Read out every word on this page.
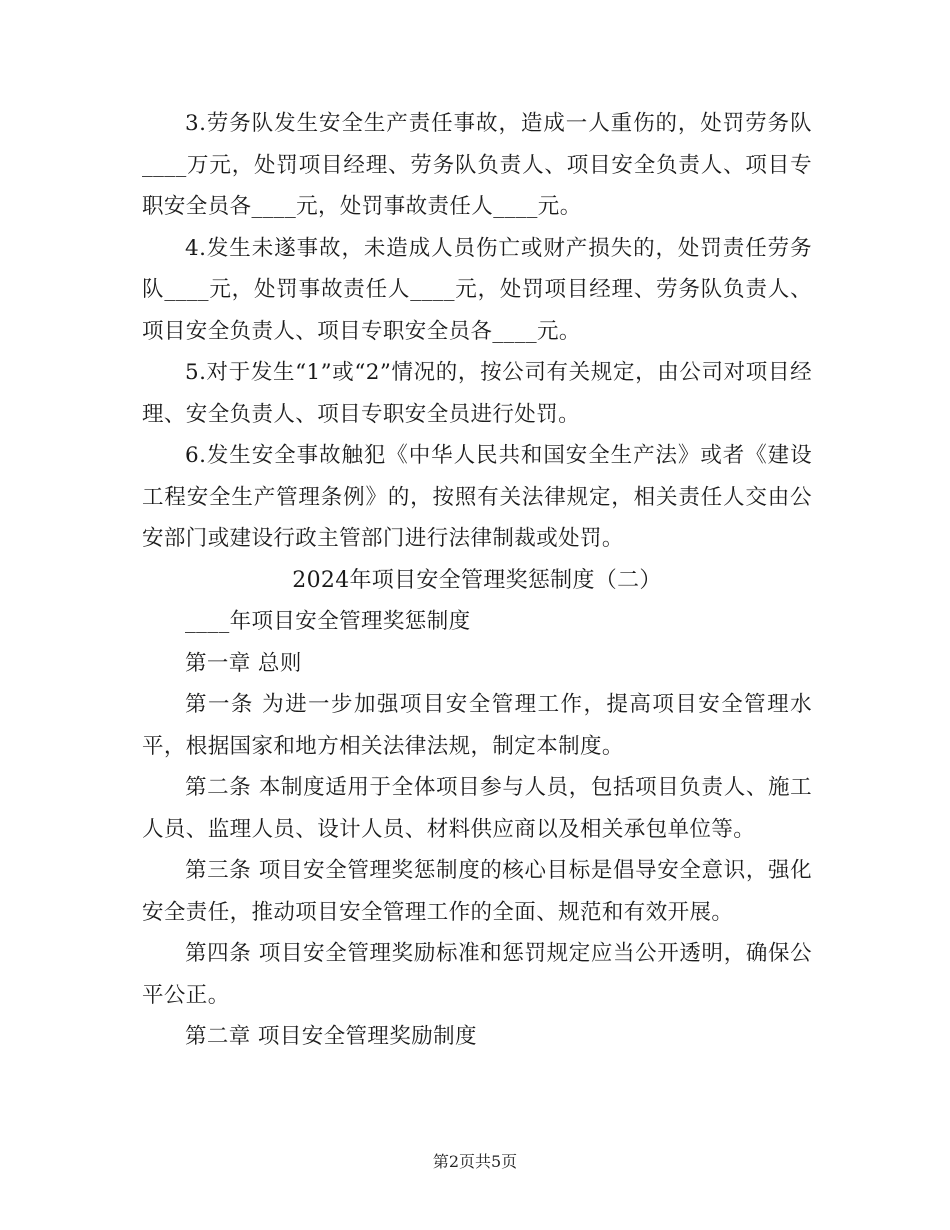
3.劳务队发生安全生产责任事故，造成一人重伤的，处罚劳务队____万元，处罚项目经理、劳务队负责人、项目安全负责人、项目专职安全员各____元，处罚事故责任人____元。

4.发生未遂事故，未造成人员伤亡或财产损失的，处罚责任劳务队____元，处罚事故责任人____元，处罚项目经理、劳务队负责人、项目安全负责人、项目专职安全员各____元。

5.对于发生“1”或“2”情况的，按公司有关规定，由公司对项目经理、安全负责人、项目专职安全员进行处罚。

6.发生安全事故触犯《中华人民共和国安全生产法》或者《建设工程安全生产管理条例》的，按照有关法律规定，相关责任人交由公安部门或建设行政主管部门进行法律制裁或处罚。

2024年项目安全管理奖惩制度（二）

____年项目安全管理奖惩制度

第一章 总则

第一条 为进一步加强项目安全管理工作，提高项目安全管理水平，根据国家和地方相关法律法规，制定本制度。

第二条 本制度适用于全体项目参与人员，包括项目负责人、施工人员、监理人员、设计人员、材料供应商以及相关承包单位等。

第三条 项目安全管理奖惩制度的核心目标是倡导安全意识，强化安全责任，推动项目安全管理工作的全面、规范和有效开展。

第四条 项目安全管理奖励标准和惩罚规定应当公开透明，确保公平公正。

第二章 项目安全管理奖励制度

第2页共5页
